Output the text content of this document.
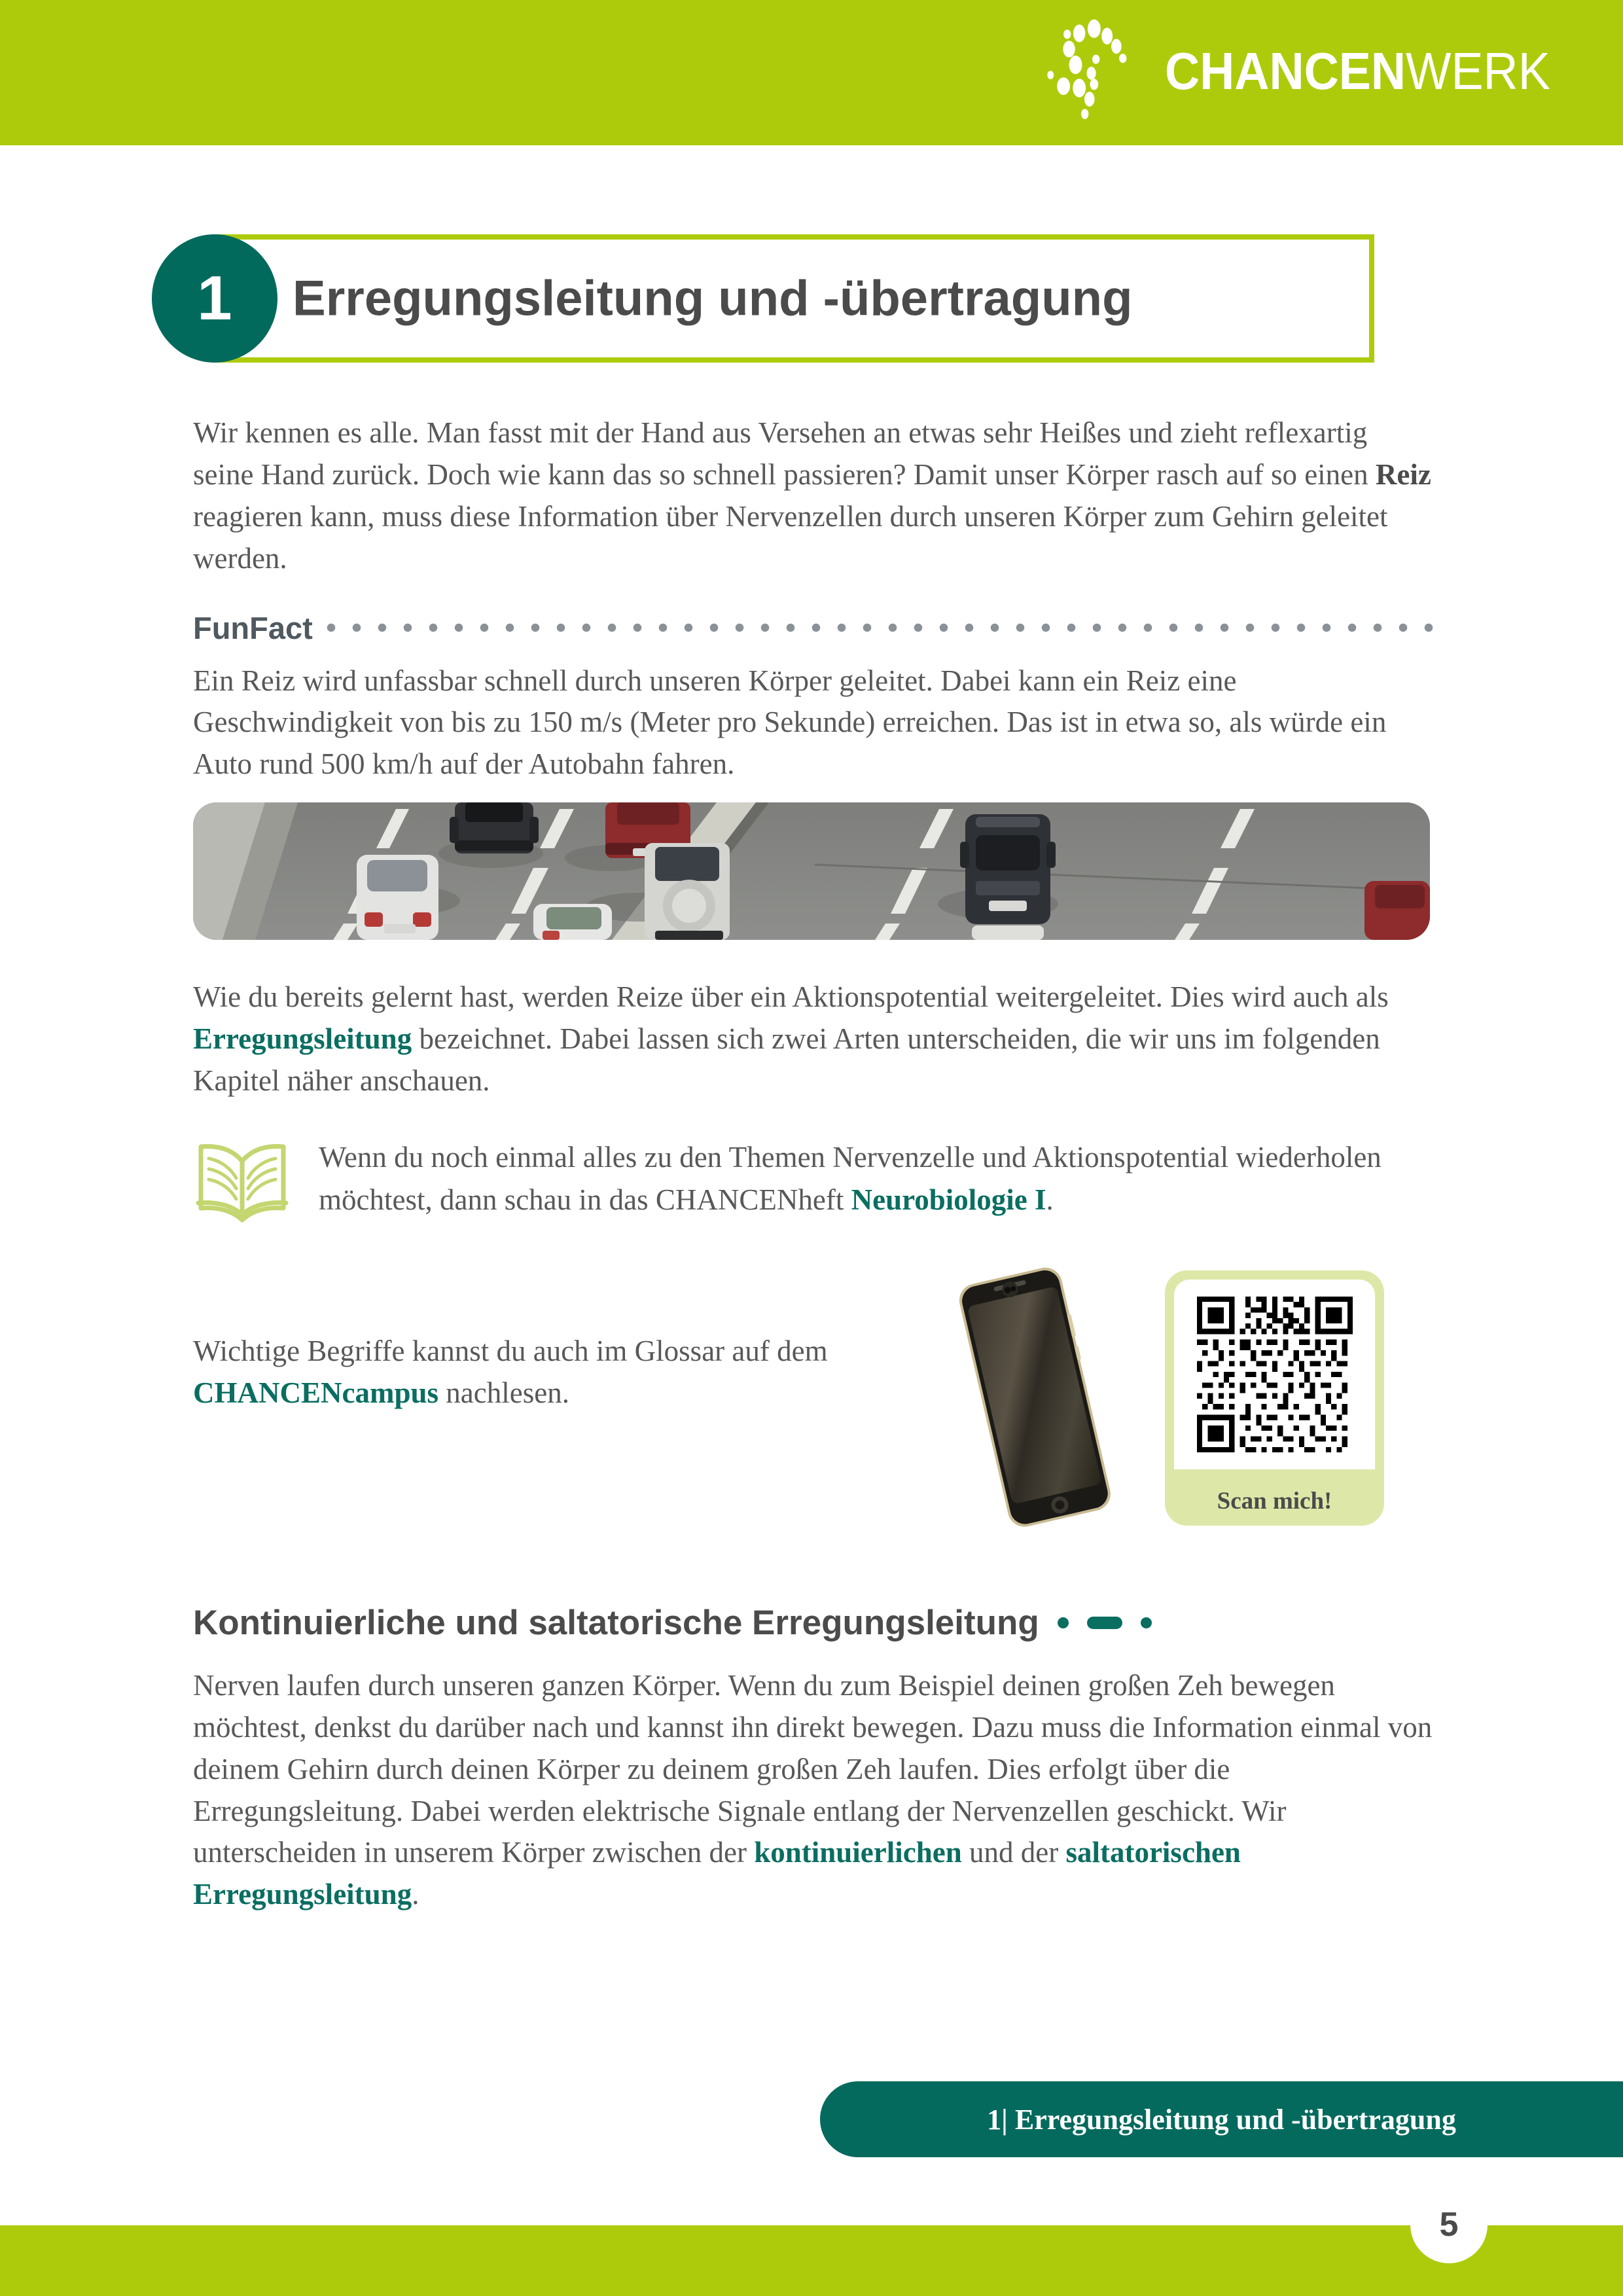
CHANCENWERK
1	Erregungsleitung und -übertragung

Wir kennen es alle. Man fasst mit der Hand aus Versehen an etwas sehr Heißes und zieht reflexartig seine Hand zurück. Doch wie kann das so schnell passieren? Damit unser Körper rasch auf so einen Reiz reagieren kann, muss diese Information über Nervenzellen durch unseren Körper zum Gehirn geleitet werden.

FunFact

Ein Reiz wird unfassbar schnell durch unseren Körper geleitet. Dabei kann ein Reiz eine Geschwindigkeit von bis zu 150 m/s (Meter pro Sekunde) erreichen. Das ist in etwa so, als würde ein Auto rund 500 km/h auf der Autobahn fahren.

Wie du bereits gelernt hast, werden Reize über ein Aktionspotential weitergeleitet. Dies wird auch als Erregungsleitung bezeichnet. Dabei lassen sich zwei Arten unterscheiden, die wir uns im folgenden Kapitel näher anschauen.

Wenn du noch einmal alles zu den Themen Nervenzelle und Aktionspotential wiederholen möchtest, dann schau in das CHANCENheft Neurobiologie I.
Wichtige Begriffe kannst du auch im Glossar auf dem CHANCENcampus nachlesen.
Scan mich!
Kontinuierliche und saltatorische Erregungsleitung

Nerven laufen durch unseren ganzen Körper. Wenn du zum Beispiel deinen großen Zeh bewegen möchtest, denkst du darüber nach und kannst ihn direkt bewegen. Dazu muss die Information einmal von deinem Gehirn durch deinen Körper zu deinem großen Zeh laufen. Dies erfolgt über die Erregungsleitung. Dabei werden elektrische Signale entlang der Nervenzellen geschickt. Wir unterscheiden in unserem Körper zwischen der kontinuierlichen und der saltatorischen Erregungsleitung.

1| Erregungsleitung und -übertragung
5
